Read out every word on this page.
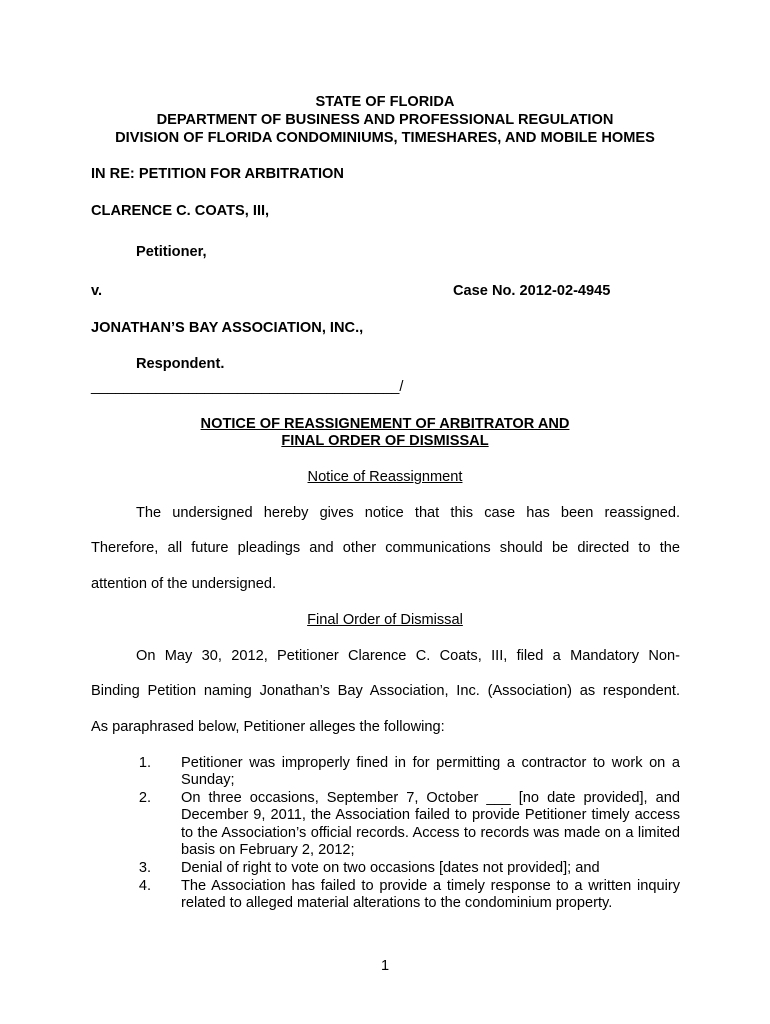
STATE OF FLORIDA
DEPARTMENT OF BUSINESS AND PROFESSIONAL REGULATION
DIVISION OF FLORIDA CONDOMINIUMS, TIMESHARES, AND MOBILE HOMES
IN RE: PETITION FOR ARBITRATION
CLARENCE C. COATS, III,
Petitioner,
v.	Case No. 2012-02-4945
JONATHAN’S BAY ASSOCIATION, INC.,
Respondent.
______________________________________/
NOTICE OF REASSIGNEMENT OF ARBITRATOR AND
FINAL ORDER OF DISMISSAL
Notice of Reassignment
The undersigned hereby gives notice that this case has been reassigned.
Therefore, all future pleadings and other communications should be directed to the
attention of the undersigned.
Final Order of Dismissal
On May 30, 2012, Petitioner Clarence C. Coats, III, filed a Mandatory Non-
Binding Petition naming Jonathan’s Bay Association, Inc. (Association) as respondent.
As paraphrased below, Petitioner alleges the following:
1. Petitioner was improperly fined in for permitting a contractor to work on a Sunday;
2. On three occasions, September 7, October ___ [no date provided], and December 9, 2011, the Association failed to provide Petitioner timely access to the Association’s official records. Access to records was made on a limited basis on February 2, 2012;
3. Denial of right to vote on two occasions [dates not provided]; and
4. The Association has failed to provide a timely response to a written inquiry related to alleged material alterations to the condominium property.
1
